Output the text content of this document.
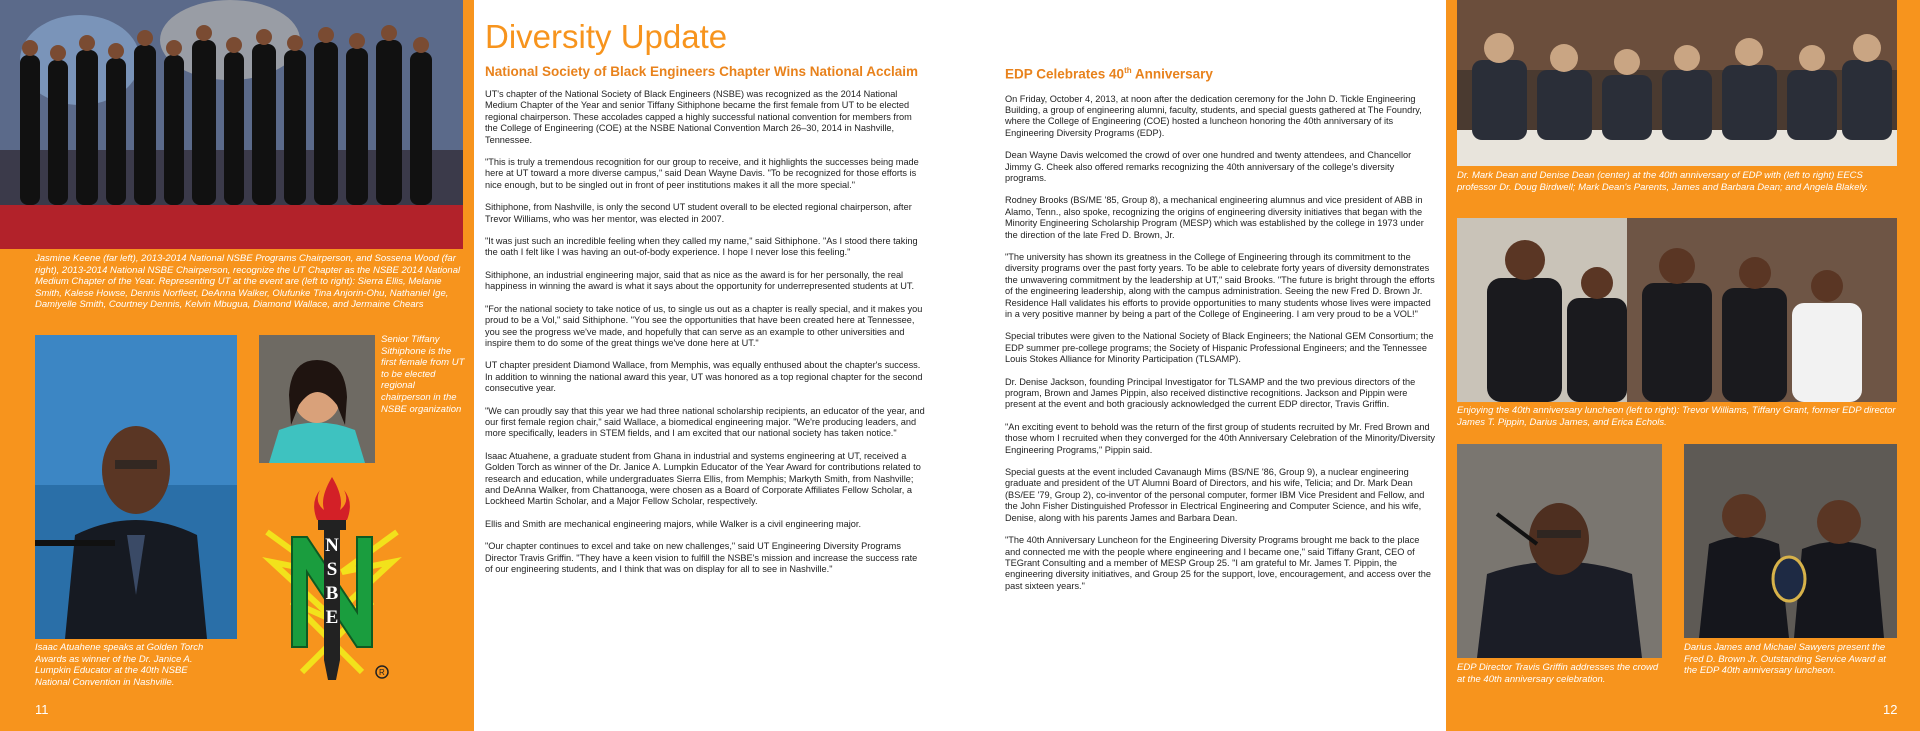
Jasmine Keene (far left), 2013-2014 National NSBE Programs Chairperson, and Sossena Wood (far right), 2013-2014 National NSBE Chairperson, recognize the UT Chapter as the NSBE 2014 National Medium Chapter of the Year. Representing UT at the event are (left to right): Sierra Ellis, Melanie Smith, Kalese Howse, Dennis Norfleet, DeAnna Walker, Olufunke Tina Anjorin-Ohu, Nathaniel Ige, Damiyelle Smith, Courtney Dennis, Kelvin Mbugua, Diamond Wallace, and Jermaine Chears
Isaac Atuahene speaks at Golden Torch Awards as winner of the Dr. Janice A. Lumpkin Educator at the 40th NSBE National Convention in Nashville.
Senior Tiffany Sithiphone is the first female from UT to be elected regional chairperson in the NSBE organization
R
N
S
B
E
11
Diversity Update
National Society of Black Engineers Chapter Wins National Acclaim

UT's chapter of the National Society of Black Engineers (NSBE) was recognized as the 2014 National Medium Chapter of the Year and senior Tiffany Sithiphone became the first female from UT to be elected regional chairperson. These accolades capped a highly successful national convention for members from the College of Engineering (COE) at the NSBE National Convention March 26–30, 2014 in Nashville, Tennessee.

"This is truly a tremendous recognition for our group to receive, and it highlights the successes being made here at UT toward a more diverse campus," said Dean Wayne Davis. "To be recognized for those efforts is nice enough, but to be singled out in front of peer institutions makes it all the more special."

Sithiphone, from Nashville, is only the second UT student overall to be elected regional chairperson, after Trevor Williams, who was her mentor, was elected in 2007.

"It was just such an incredible feeling when they called my name," said Sithiphone. "As I stood there taking the oath I felt like I was having an out-of-body experience. I hope I never lose this feeling."

Sithiphone, an industrial engineering major, said that as nice as the award is for her personally, the real happiness in winning the award is what it says about the opportunity for underrepresented students at UT.

"For the national society to take notice of us, to single us out as a chapter is really special, and it makes you proud to be a Vol," said Sithiphone. "You see the opportunities that have been created here at Tennessee, you see the progress we've made, and hopefully that can serve as an example to other universities and inspire them to do some of the great things we've done here at UT."

UT chapter president Diamond Wallace, from Memphis, was equally enthused about the chapter's success. In addition to winning the national award this year, UT was honored as a top regional chapter for the second consecutive year.

"We can proudly say that this year we had three national scholarship recipients, an educator of the year, and our first female region chair," said Wallace, a biomedical engineering major. "We're producing leaders, and more specifically, leaders in STEM fields, and I am excited that our national society has taken notice."

Isaac Atuahene, a graduate student from Ghana in industrial and systems engineering at UT, received a Golden Torch as winner of the Dr. Janice A. Lumpkin Educator of the Year Award for contributions related to research and education, while undergraduates Sierra Ellis, from Memphis; Markyth Smith, from Nashville; and DeAnna Walker, from Chattanooga, were chosen as a Board of Corporate Affiliates Fellow Scholar, a Lockheed Martin Scholar, and a Major Fellow Scholar, respectively.

Ellis and Smith are mechanical engineering majors, while Walker is a civil engineering major.

"Our chapter continues to excel and take on new challenges," said UT Engineering Diversity Programs Director Travis Griffin. "They have a keen vision to fulfill the NSBE's mission and increase the success rate of our engineering students, and I think that was on display for all to see in Nashville."

EDP Celebrates 40th Anniversary

On Friday, October 4, 2013, at noon after the dedication ceremony for the John D. Tickle Engineering Building, a group of engineering alumni, faculty, students, and special guests gathered at The Foundry, where the College of Engineering (COE) hosted a luncheon honoring the 40th anniversary of its Engineering Diversity Programs (EDP).

Dean Wayne Davis welcomed the crowd of over one hundred and twenty attendees, and Chancellor Jimmy G. Cheek also offered remarks recognizing the 40th anniversary of the college's diversity programs.

Rodney Brooks (BS/ME '85, Group 8), a mechanical engineering alumnus and vice president of ABB in Alamo, Tenn., also spoke, recognizing the origins of engineering diversity initiatives that began with the Minority Engineering Scholarship Program (MESP) which was established by the college in 1973 under the direction of the late Fred D. Brown, Jr.

"The university has shown its greatness in the College of Engineering through its commitment to the diversity programs over the past forty years. To be able to celebrate forty years of diversity demonstrates the unwavering commitment by the leadership at UT," said Brooks. "The future is bright through the efforts of the engineering leadership, along with the campus administration. Seeing the new Fred D. Brown Jr. Residence Hall validates his efforts to provide opportunities to many students whose lives were impacted in a very positive manner by being a part of the College of Engineering. I am very proud to be a VOL!"

Special tributes were given to the National Society of Black Engineers; the National GEM Consortium; the EDP summer pre-college programs; the Society of Hispanic Professional Engineers; and the Tennessee Louis Stokes Alliance for Minority Participation (TLSAMP).

Dr. Denise Jackson, founding Principal Investigator for TLSAMP and the two previous directors of the program, Brown and James Pippin, also received distinctive recognitions. Jackson and Pippin were present at the event and both graciously acknowledged the current EDP director, Travis Griffin.

"An exciting event to behold was the return of the first group of students recruited by Mr. Fred Brown and those whom I recruited when they converged for the 40th Anniversary Celebration of the Minority/Diversity Engineering Programs," Pippin said.

Special guests at the event included Cavanaugh Mims (BS/NE '86, Group 9), a nuclear engineering graduate and president of the UT Alumni Board of Directors, and his wife, Telicia; and Dr. Mark Dean (BS/EE '79, Group 2), co-inventor of the personal computer, former IBM Vice President and Fellow, and the John Fisher Distinguished Professor in Electrical Engineering and Computer Science, and his wife, Denise, along with his parents James and Barbara Dean.

"The 40th Anniversary Luncheon for the Engineering Diversity Programs brought me back to the place and connected me with the people where engineering and I became one," said Tiffany Grant, CEO of TEGrant Consulting and a member of MESP Group 25. "I am grateful to Mr. James T. Pippin, the engineering diversity initiatives, and Group 25 for the support, love, encouragement, and access over the past sixteen years."

Dr. Mark Dean and Denise Dean (center) at the 40th anniversary of EDP with (left to right) EECS professor Dr. Doug Birdwell; Mark Dean's Parents, James and Barbara Dean; and Angela Blakely.
Enjoying the 40th anniversary luncheon (left to right): Trevor Williams, Tiffany Grant, former EDP director James T. Pippin, Darius James, and Erica Echols.
EDP Director Travis Griffin addresses the crowd at the 40th anniversary celebration.
Darius James and Michael Sawyers present the Fred D. Brown Jr. Outstanding Service Award at the EDP 40th anniversary luncheon.
12
